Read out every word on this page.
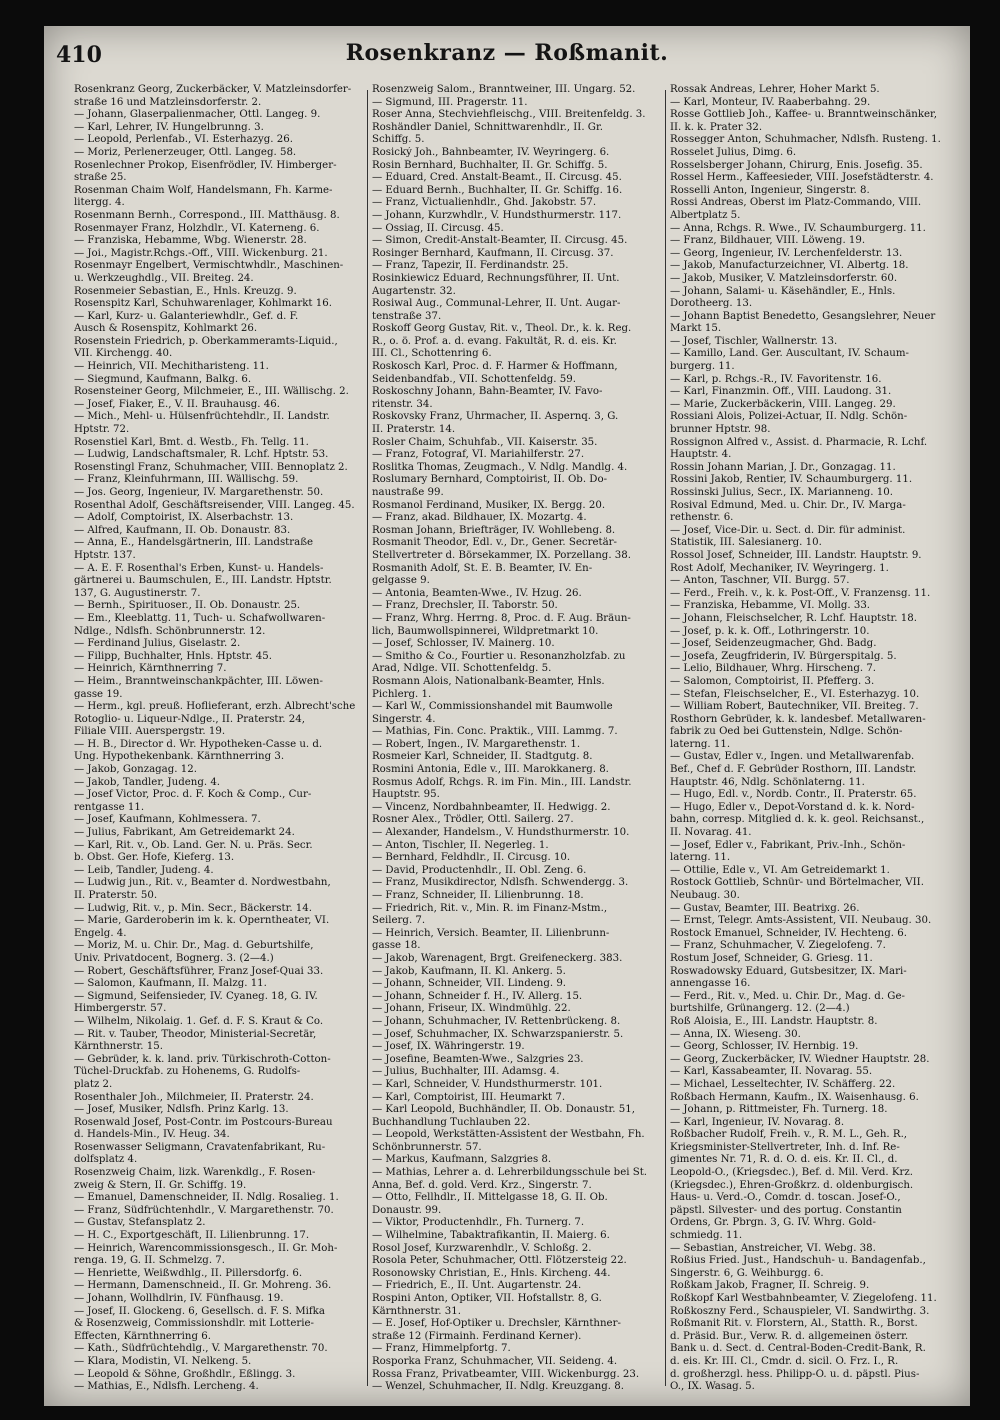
410	Rosenkranz — Roßmanit.

Rosenkranz Georg, Zuckerbäcker, V. Matzleinsdorfer-

straße 16 und Matzleinsdorferstr. 2.

— Johann, Glaserpalienmacher, Ottl. Langeg. 9.

— Karl, Lehrer, IV. Hungelbrunng. 3.

— Leopold, Perlenfab., VI. Esterhazyg. 26.

— Moriz, Perlenerzeuger, Ottl. Langeg. 58.

Rosenlechner Prokop, Eisenfrödler, IV. Himberger-

straße 25.

Rosenman Chaim Wolf, Handelsmann, Fh. Karme-

litergg. 4.

Rosenmann Bernh., Correspond., III. Matthäusg. 8.

Rosenmayer Franz, Holzhdlr., VI. Katerneng. 6.

— Franziska, Hebamme, Wbg. Wienerstr. 28.

— Joi., Magistr.Rchgs.-Off., VIII. Wickenburg. 21.

Rosenmayr Engelbert, Vermischtwhdlr., Maschinen-

u. Werkzeughdlg., VII. Breiteg. 24.

Rosenmeier Sebastian, E., Hnls. Kreuzg. 9.

Rosenspitz Karl, Schuhwarenlager, Kohlmarkt 16.

— Karl, Kurz- u. Galanteriewhdlr., Gef. d. F.

Ausch & Rosenspitz, Kohlmarkt 26.

Rosenstein Friedrich, p. Oberkammeramts-Liquid.,

VII. Kirchengg. 40.

— Heinrich, VII. Mechitharisteng. 11.

— Siegmund, Kaufmann, Balkg. 6.

Rosensteiner Georg, Milchmeier, E., III. Wällischg. 2.

— Josef, Fiaker, E., V. II. Brauhausg. 46.

— Mich., Mehl- u. Hülsenfrüchtehdlr., II. Landstr.

Hptstr. 72.

Rosenstiel Karl, Bmt. d. Westb., Fh. Tellg. 11.

— Ludwig, Landschaftsmaler, R. Lchf. Hptstr. 53.

Rosenstingl Franz, Schuhmacher, VIII. Bennoplatz 2.

— Franz, Kleinfuhrmann, III. Wällischg. 59.

— Jos. Georg, Ingenieur, IV. Margarethenstr. 50.

Rosenthal Adolf, Geschäftsreisender, VIII. Langeg. 45.

— Adolf, Comptoirist, IX. Alserbachstr. 13.

— Alfred, Kaufmann, II. Ob. Donaustr. 83.

— Anna, E., Handelsgärtnerin, III. Landstraße

Hptstr. 137.

— A. E. F. Rosenthal's Erben, Kunst- u. Handels-

gärtnerei u. Baumschulen, E., III. Landstr. Hptstr.

137, G. Augustinerstr. 7.

— Bernh., Spirituoser., II. Ob. Donaustr. 25.

— Em., Kleeblattg. 11, Tuch- u. Schafwollwaren-

Ndlge., Ndlsfh. Schönbrunnerstr. 12.

— Ferdinand Julius, Giselastr. 2.

— Filipp, Buchhalter, Hnls. Hptstr. 45.

— Heinrich, Kärnthnerring 7.

— Heim., Branntweinschankpächter, III. Löwen-

gasse 19.

— Herm., kgl. preuß. Hoflieferant, erzh. Albrecht'sche

Rotoglio- u. Liqueur-Ndlge., II. Praterstr. 24,

Filiale VIII. Auerspergstr. 19.

— H. B., Director d. Wr. Hypotheken-Casse u. d.

Ung. Hypothekenbank. Kärnthnerring 3.

— Jakob, Gonzagag. 12.

— Jakob, Tandler, Judeng. 4.

— Josef Victor, Proc. d. F. Koch & Comp., Cur-

rentgasse 11.

— Josef, Kaufmann, Kohlmessera. 7.

— Julius, Fabrikant, Am Getreidemarkt 24.

— Karl, Rit. v., Ob. Land. Ger. N. u. Präs. Secr.

b. Obst. Ger. Hofe, Kieferg. 13.

— Leib, Tandler, Judeng. 4.

— Ludwig jun., Rit. v., Beamter d. Nordwestbahn,

II. Praterstr. 50.

— Ludwig, Rit. v., p. Min. Secr., Bäckerstr. 14.

— Marie, Garderoberin im k. k. Operntheater, VI.

Engelg. 4.

— Moriz, M. u. Chir. Dr., Mag. d. Geburtshilfe,

Univ. Privatdocent, Bognerg. 3. (2—4.)

— Robert, Geschäftsführer, Franz Josef-Quai 33.

— Salomon, Kaufmann, II. Malzg. 11.

— Sigmund, Seifensieder, IV. Cyaneg. 18, G. IV.

Himbergerstr. 57.

— Wilhelm, Nikolaig. 1. Gef. d. F. S. Kraut & Co.

— Rit. v. Tauber, Theodor, Ministerial-Secretär,

Kärnthnerstr. 15.

— Gebrüder, k. k. land. priv. Türkischroth-Cotton-

Tüchel-Druckfab. zu Hohenems, G. Rudolfs-

platz 2.

Rosenthaler Joh., Milchmeier, II. Praterstr. 24.

— Josef, Musiker, Ndlsfh. Prinz Karlg. 13.

Rosenwald Josef, Post-Contr. im Postcours-Bureau

d. Handels-Min., IV. Heug. 34.

Rosenwasser Seligmann, Cravatenfabrikant, Ru-

dolfsplatz 4.

Rosenzweig Chaim, lizk. Warenkdlg., F. Rosen-

zweig & Stern, II. Gr. Schiffg. 19.

— Emanuel, Damenschneider, II. Ndlg. Rosalieg. 1.

— Franz, Südfrüchtenhdlr., V. Margarethenstr. 70.

— Gustav, Stefansplatz 2.

— H. C., Exportgeschäft, II. Lilienbrunng. 17.

— Heinrich, Warencommissionsgesch., II. Gr. Moh-

renga. 19, G. II. Schmelzg. 7.

— Henriette, Weißwdhlg., II. Pillersdorfg. 6.

— Hermann, Damenschneid., II. Gr. Mohreng. 36.

— Johann, Wollhdlrin, IV. Fünfhausg. 19.

— Josef, II. Glockeng. 6, Gesellsch. d. F. S. Mifka

& Rosenzweig, Commissionshdlr. mit Lotterie-

Effecten, Kärnthnerring 6.

— Kath., Südfrüchtehdlg., V. Margarethenstr. 70.

— Klara, Modistin, VI. Nelkeng. 5.

— Leopold & Söhne, Großhdlr., Eßlingg. 3.

— Mathias, E., Ndlsfh. Lercheng. 4.

Rosenzweig Salom., Branntweiner, III. Ungarg. 52.

— Sigmund, III. Pragerstr. 11.

Roser Anna, Stechviehfleischg., VIII. Breitenfeldg. 3.

Roshändler Daniel, Schnittwarenhdlr., II. Gr.

Schiffg. 5.

Rosický Joh., Bahnbeamter, IV. Weyringerg. 6.

Rosin Bernhard, Buchhalter, II. Gr. Schiffg. 5.

— Eduard, Cred. Anstalt-Beamt., II. Circusg. 45.

— Eduard Bernh., Buchhalter, II. Gr. Schiffg. 16.

— Franz, Victualienhdlr., Ghd. Jakobstr. 57.

— Johann, Kurzwhdlr., V. Hundsthurmerstr. 117.

— Ossiag, II. Circusg. 45.

— Simon, Credit-Anstalt-Beamter, II. Circusg. 45.

Rosinger Bernhard, Kaufmann, II. Circusg. 37.

— Franz, Tapezir, II. Ferdinandstr. 25.

Rosinkiewicz Eduard, Rechnungsführer, II. Unt.

Augartenstr. 32.

Rosiwal Aug., Communal-Lehrer, II. Unt. Augar-

tenstraße 37.

Roskoff Georg Gustav, Rit. v., Theol. Dr., k. k. Reg.

R., o. ö. Prof. a. d. evang. Fakultät, R. d. eis. Kr.

III. Cl., Schottenring 6.

Roskosch Karl, Proc. d. F. Harmer & Hoffmann,

Seidenbandfab., VII. Schottenfeldg. 59.

Roskoschny Johann, Bahn-Beamter, IV. Favo-

ritenstr. 34.

Roskovsky Franz, Uhrmacher, II. Aspernq. 3, G.

II. Praterstr. 14.

Rosler Chaim, Schuhfab., VII. Kaiserstr. 35.

— Franz, Fotograf, VI. Mariahilferstr. 27.

Roslitka Thomas, Zeugmach., V. Ndlg. Mandlg. 4.

Roslumary Bernhard, Comptoirist, II. Ob. Do-

naustraße 99.

Rosmanol Ferdinand, Musiker, IX. Bergg. 20.

— Franz, akad. Bildhauer, IX. Mozartg. 4.

Rosman Johann, Briefträger, IV. Wohllebeng. 8.

Rosmanit Theodor, Edl. v., Dr., Gener. Secretär-

Stellvertreter d. Börsekammer, IX. Porzellang. 38.

Rosmanith Adolf, St. E. B. Beamter, IV. En-

gelgasse 9.

— Antonia, Beamten-Wwe., IV. Hzug. 26.

— Franz, Drechsler, II. Taborstr. 50.

— Franz, Whrg. Herrng. 8, Proc. d. F. Aug. Bräun-

lich, Baumwollspinnerei, Wildpretmarkt 10.

— Josef, Schlosser, IV. Mainerg. 10.

— Smitho & Co., Fourtier u. Resonanzholzfab. zu

Arad, Ndlge. VII. Schottenfeldg. 5.

Rosmann Alois, Nationalbank-Beamter, Hnls.

Pichlerg. 1.

— Karl W., Commissionshandel mit Baumwolle

Singerstr. 4.

— Mathias, Fin. Conc. Praktik., VIII. Lammg. 7.

— Robert, Ingen., IV. Margarethenstr. 1.

Rosmeier Karl, Schneider, II. Stadtgutg. 8.

Rosmini Antonia, Edle v., III. Marokkanerg. 8.

Rosmus Adolf, Rchgs. R. im Fin. Min., III. Landstr.

Hauptstr. 95.

— Vincenz, Nordbahnbeamter, II. Hedwigg. 2.

Rosner Alex., Trödler, Ottl. Sailerg. 27.

— Alexander, Handelsm., V. Hundsthurmerstr. 10.

— Anton, Tischler, II. Negerleg. 1.

— Bernhard, Feldhdlr., II. Circusg. 10.

— David, Productenhdlr., II. Obl. Zeng. 6.

— Franz, Musikdirector, Ndlsfh. Schwendergg. 3.

— Franz, Schneider, II. Lilienbrunng. 18.

— Friedrich, Rit. v., Min. R. im Finanz-Mstm.,

Seilerg. 7.

— Heinrich, Versich. Beamter, II. Lilienbrunn-

gasse 18.

— Jakob, Warenagent, Brgt. Greifeneckerg. 383.

— Jakob, Kaufmann, II. Kl. Ankerg. 5.

— Johann, Schneider, VII. Lindeng. 9.

— Johann, Schneider f. H., IV. Allerg. 15.

— Johann, Friseur, IX. Windmühlg. 22.

— Johann, Schuhmacher, IV. Rettenbrückeng. 8.

— Josef, Schuhmacher, IX. Schwarzspanierstr. 5.

— Josef, IX. Währingerstr. 19.

— Josefine, Beamten-Wwe., Salzgries 23.

— Julius, Buchhalter, III. Adamsg. 4.

— Karl, Schneider, V. Hundsthurmerstr. 101.

— Karl, Comptoirist, III. Heumarkt 7.

— Karl Leopold, Buchhändler, II. Ob. Donaustr. 51,

Buchhandlung Tuchlauben 22.

— Leopold, Werkstätten-Assistent der Westbahn, Fh.

Schönbrunnerstr. 57.

— Markus, Kaufmann, Salzgries 8.

— Mathias, Lehrer a. d. Lehrerbildungsschule bei St.

Anna, Bef. d. gold. Verd. Krz., Singerstr. 7.

— Otto, Fellhdlr., II. Mittelgasse 18, G. II. Ob.

Donaustr. 99.

— Viktor, Productenhdlr., Fh. Turnerg. 7.

— Wilhelmine, Tabaktrafikantin, II. Maierg. 6.

Rosol Josef, Kurzwarenhdlr., V. Schloßg. 2.

Rosola Peter, Schuhmacher, Ottl. Flötzersteig 22.

Rosonowsky Christian, E., Hnls. Kircheng. 44.

— Friedrich, E., II. Unt. Augartenstr. 24.

Rospini Anton, Optiker, VII. Hofstallstr. 8, G.

Kärnthnerstr. 31.

— E. Josef, Hof-Optiker u. Drechsler, Kärnthner-

straße 12 (Firmainh. Ferdinand Kerner).

— Franz, Himmelpfortg. 7.

Rosporka Franz, Schuhmacher, VII. Seideng. 4.

Rossa Franz, Privatbeamter, VIII. Wickenburgg. 23.

— Wenzel, Schuhmacher, II. Ndlg. Kreuzgang. 8.

Rossak Andreas, Lehrer, Hoher Markt 5.

— Karl, Monteur, IV. Raaberbahng. 29.

Rosse Gottlieb Joh., Kaffee- u. Branntweinschänker,

II. k. k. Prater 32.

Rossegger Anton, Schuhmacher, Ndlsfh. Rusteng. 1.

Rosselet Julius, Dimg. 6.

Rosselsberger Johann, Chirurg, Enis. Josefig. 35.

Rossel Herm., Kaffeesieder, VIII. Josefstädterstr. 4.

Rosselli Anton, Ingenieur, Singerstr. 8.

Rossi Andreas, Oberst im Platz-Commando, VIII.

Albertplatz 5.

— Anna, Rchgs. R. Wwe., IV. Schaumburgerg. 11.

— Franz, Bildhauer, VIII. Löweng. 19.

— Georg, Ingenieur, IV. Lerchenfelderstr. 13.

— Jakob, Manufacturzeichner, VI. Albertg. 18.

— Jakob, Musiker, V. Matzleinsdorferstr. 60.

— Johann, Salami- u. Käsehändler, E., Hnls.

Dorotheerg. 13.

— Johann Baptist Benedetto, Gesangslehrer, Neuer

Markt 15.

— Josef, Tischler, Wallnerstr. 13.

— Kamillo, Land. Ger. Auscultant, IV. Schaum-

burgerg. 11.

— Karl, p. Rchgs.-R., IV. Favoritenstr. 16.

— Karl, Finanzmin. Off., VIII. Laudong. 31.

— Marie, Zuckerbäckerin, VIII. Langeg. 29.

Rossiani Alois, Polizei-Actuar, II. Ndlg. Schön-

brunner Hptstr. 98.

Rossignon Alfred v., Assist. d. Pharmacie, R. Lchf.

Hauptstr. 4.

Rossin Johann Marian, J. Dr., Gonzagag. 11.

Rossini Jakob, Rentier, IV. Schaumburgerg. 11.

Rossinski Julius, Secr., IX. Marianneng. 10.

Rosival Edmund, Med. u. Chir. Dr., IV. Marga-

rethenstr. 6.

— Josef, Vice-Dir. u. Sect. d. Dir. für administ.

Statistik, III. Salesianerg. 10.

Rossol Josef, Schneider, III. Landstr. Hauptstr. 9.

Rost Adolf, Mechaniker, IV. Weyringerg. 1.

— Anton, Taschner, VII. Burgg. 57.

— Ferd., Freih. v., k. k. Post-Off., V. Franzensg. 11.

— Franziska, Hebamme, VI. Mollg. 33.

— Johann, Fleischselcher, R. Lchf. Hauptstr. 18.

— Josef, p. k. k. Off., Lothringerstr. 10.

— Josef, Seidenzeugmacher, Ghd. Badg.

— Josefa, Zeugfriderin, IV. Bürgerspitalg. 5.

— Lelio, Bildhauer, Whrg. Hirscheng. 7.

— Salomon, Comptoirist, II. Pfefferg. 3.

— Stefan, Fleischselcher, E., VI. Esterhazyg. 10.

— William Robert, Bautechniker, VII. Breiteg. 7.

Rosthorn Gebrüder, k. k. landesbef. Metallwaren-

fabrik zu Oed bei Guttenstein, Ndlge. Schön-

laterng. 11.

— Gustav, Edler v., Ingen. und Metallwarenfab.

Bef., Chef d. F. Gebrüder Rosthorn, III. Landstr.

Hauptstr. 46, Ndlg. Schönlaterng. 11.

— Hugo, Edl. v., Nordb. Contr., II. Praterstr. 65.

— Hugo, Edler v., Depot-Vorstand d. k. k. Nord-

bahn, corresp. Mitglied d. k. k. geol. Reichsanst.,

II. Novarag. 41.

— Josef, Edler v., Fabrikant, Priv.-Inh., Schön-

laterng. 11.

— Ottilie, Edle v., VI. Am Getreidemarkt 1.

Rostock Gottlieb, Schnür- und Börtelmacher, VII.

Neubaug. 30.

— Gustav, Beamter, III. Beatrixg. 26.

— Ernst, Telegr. Amts-Assistent, VII. Neubaug. 30.

Rostock Emanuel, Schneider, IV. Hechteng. 6.

— Franz, Schuhmacher, V. Ziegelofeng. 7.

Rostum Josef, Schneider, G. Griesg. 11.

Roswadowsky Eduard, Gutsbesitzer, IX. Mari-

annengasse 16.

— Ferd., Rit. v., Med. u. Chir. Dr., Mag. d. Ge-

burtshilfe, Grünangerg. 12. (2—4.)

Roß Aloisia, E., III. Landstr. Hauptstr. 8.

— Anna, IX. Wieseng. 30.

— Georg, Schlosser, IV. Hernbig. 19.

— Georg, Zuckerbäcker, IV. Wiedner Hauptstr. 28.

— Karl, Kassabeamter, II. Novarag. 55.

— Michael, Lesseltechter, IV. Schäfferg. 22.

Roßbach Hermann, Kaufm., IX. Waisenhausg. 6.

— Johann, p. Rittmeister, Fh. Turnerg. 18.

— Karl, Ingenieur, IV. Novarag. 8.

Roßbacher Rudolf, Freih. v., R. M. L., Geh. R.,

Kriegsminister-Stellvertreter, Inh. d. Inf. Re-

gimentes Nr. 71, R. d. O. d. eis. Kr. II. Cl., d.

Leopold-O., (Kriegsdec.), Bef. d. Mil. Verd. Krz.

(Kriegsdec.), Ehren-Großkrz. d. oldenburgisch.

Haus- u. Verd.-O., Comdr. d. toscan. Josef-O.,

päpstl. Silvester- und des portug. Constantin

Ordens, Gr. Pbrgn. 3, G. IV. Whrg. Gold-

schmiedg. 11.

— Sebastian, Anstreicher, VI. Webg. 38.

Roßius Fried. Just., Handschuh- u. Bandagenfab.,

Singerstr. 6, G. Weihburgg. 6.

Roßkam Jakob, Fragner, II. Schreig. 9.

Roßkopf Karl Westbahnbeamter, V. Ziegelofeng. 11.

Roßkoszny Ferd., Schauspieler, VI. Sandwirthg. 3.

Roßmanit Rit. v. Florstern, Al., Statth. R., Borst.

d. Präsid. Bur., Verw. R. d. allgemeinen österr.

Bank u. d. Sect. d. Central-Boden-Credit-Bank, R.

d. eis. Kr. III. Cl., Cmdr. d. sicil. O. Frz. I., R.

d. großherzgl. hess. Philipp-O. u. d. päpstl. Pius-

O., IX. Wasag. 5.
